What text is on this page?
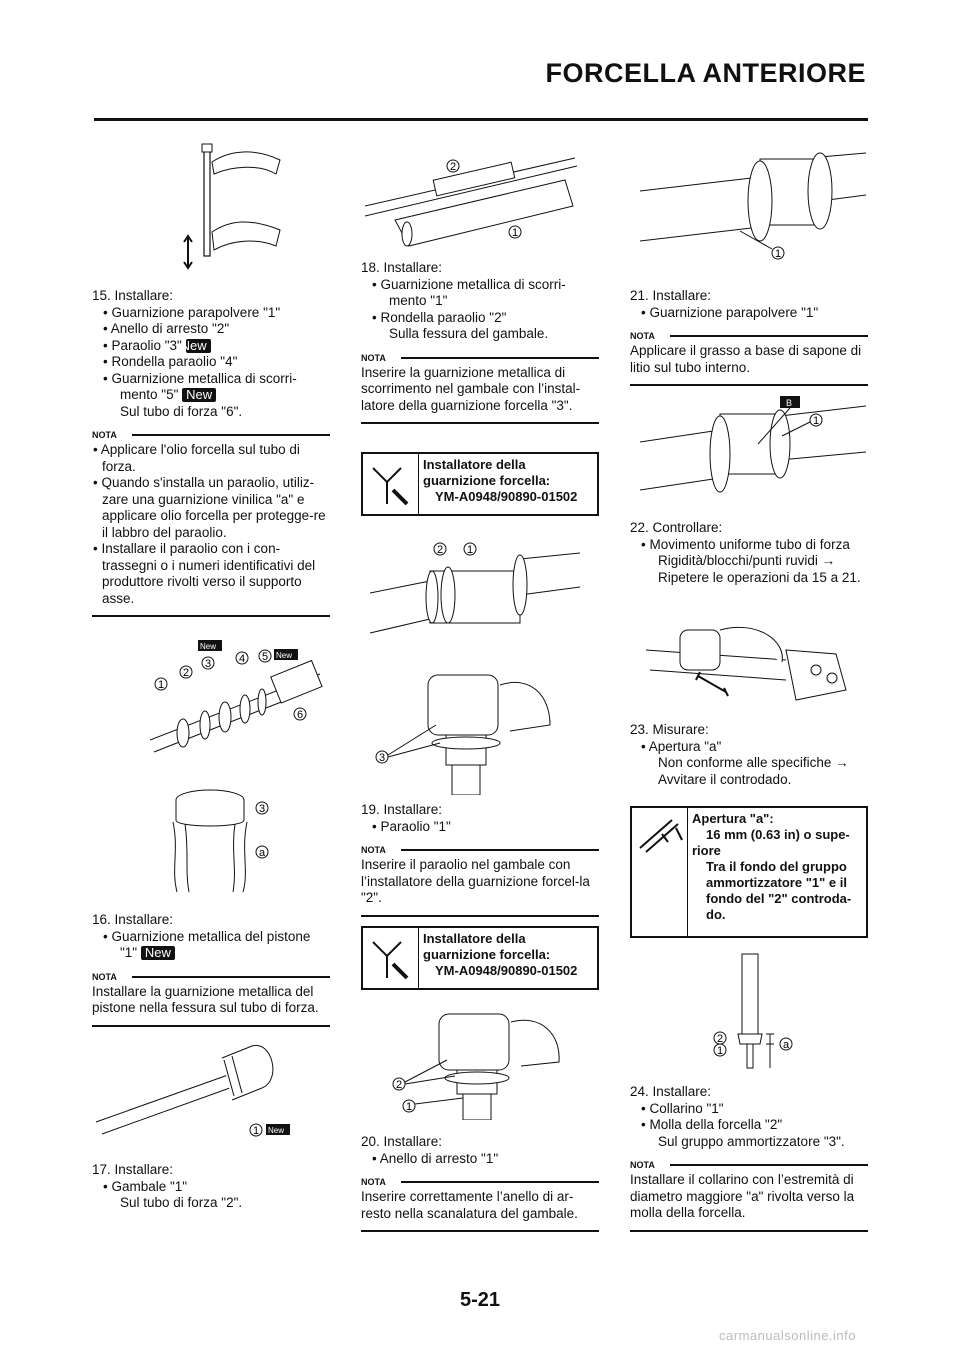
FORCELLA ANTERIORE
15. Installare:
• Guarnizione parapolvere "1"
• Anello di arresto "2"
• Paraolio "3" New
• Rondella paraolio "4"
• Guarnizione metallica di scorri-
mento "5" New
Sul tubo di forza "6".
NOTA
• Applicare l'olio forcella sul tubo di forza.
• Quando s'installa un paraolio, utiliz-zare una guarnizione vinilica "a" e applicare olio forcella per protegge-re il labbro del paraolio.
• Installare il paraolio con i con-trassegni o i numeri identificativi del produttore rivolti verso il supporto asse.
1
2
3	4 5 New
New
6
3
a
16. Installare:
• Guarnizione metallica del pistone
"1" New
NOTA
Installare la guarnizione metallica del pistone nella fessura sul tubo di forza.
1 New
17. Installare:
• Gambale "1"
Sul tubo di forza "2".
2
1
18. Installare:
• Guarnizione metallica di scorri-
mento "1"
• Rondella paraolio "2"
Sulla fessura del gambale.
NOTA
Inserire la guarnizione metallica di scorrimento nel gambale con l’instal-latore della guarnizione forcella "3".
Installatore della
guarnizione forcella:
YM-A0948/90890-01502
2 1
3
19. Installare:
• Paraolio "1"
NOTA
Inserire il paraolio nel gambale con l’installatore della guarnizione forcel-la "2".
Installatore della
guarnizione forcella:
YM-A0948/90890-01502
2
1
20. Installare:
• Anello di arresto "1"
NOTA
Inserire correttamente l’anello di ar-resto nella scanalatura del gambale.
1
21. Installare:
• Guarnizione parapolvere "1"
NOTA
Applicare il grasso a base di sapone di litio sul tubo interno.
B
1
22. Controllare:
• Movimento uniforme tubo di forza
Rigidità/blocchi/punti ruvidi →
Ripetere le operazioni da 15 a 21.
23. Misurare:
• Apertura "a"
Non conforme alle specifiche →
Avvitare il controdado.
Apertura "a":
16 mm (0.63 in) o supe-
riore
Tra il fondo del gruppo
ammortizzatore "1" e il
fondo del "2" controda-
do.
2
1	a
24. Installare:
• Collarino "1"
• Molla della forcella "2"
Sul gruppo ammortizzatore "3".
NOTA
Installare il collarino con l’estremità di diametro maggiore "a" rivolta verso la molla della forcella.
5-21
carmanualsonline.info
